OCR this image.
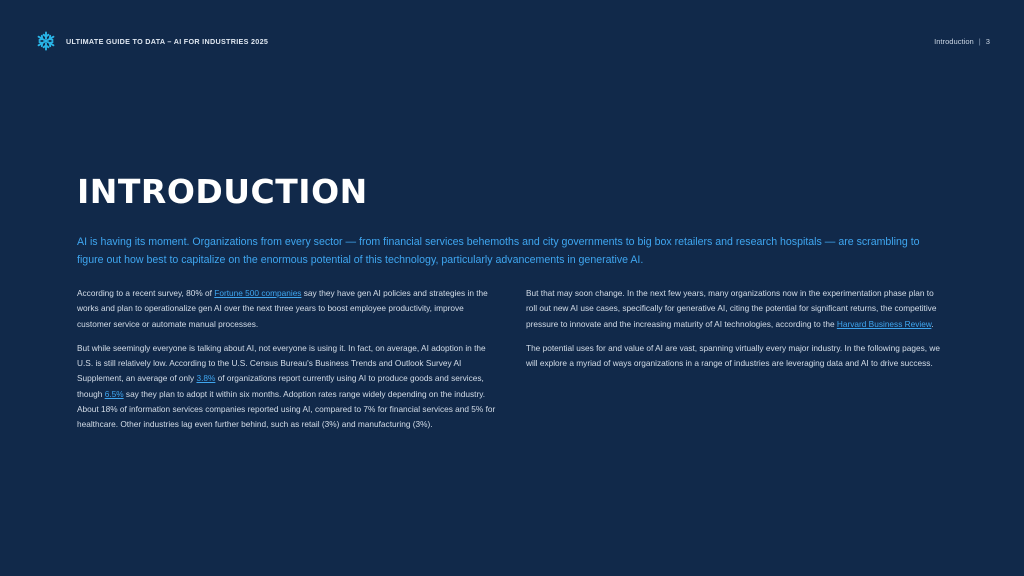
ULTIMATE GUIDE TO DATA – AI FOR INDUSTRIES 2025	Introduction | 3
INTRODUCTION

AI is having its moment. Organizations from every sector — from financial services behemoths and city governments to big box retailers and research hospitals — are scrambling to figure out how best to capitalize on the enormous potential of this technology, particularly advancements in generative AI.

According to a recent survey, 80% of Fortune 500 companies say they have gen AI policies and strategies in the works and plan to operationalize gen AI over the next three years to boost employee productivity, improve customer service or automate manual processes.

But while seemingly everyone is talking about AI, not everyone is using it. In fact, on average, AI adoption in the U.S. is still relatively low. According to the U.S. Census Bureau's Business Trends and Outlook Survey AI Supplement, an average of only 3.8% of organizations report currently using AI to produce goods and services, though 6.5% say they plan to adopt it within six months. Adoption rates range widely depending on the industry. About 18% of information services companies reported using AI, compared to 7% for financial services and 5% for healthcare. Other industries lag even further behind, such as retail (3%) and manufacturing (3%).

But that may soon change. In the next few years, many organizations now in the experimentation phase plan to roll out new AI use cases, specifically for generative AI, citing the potential for significant returns, the competitive pressure to innovate and the increasing maturity of AI technologies, according to the Harvard Business Review.

The potential uses for and value of AI are vast, spanning virtually every major industry. In the following pages, we will explore a myriad of ways organizations in a range of industries are leveraging data and AI to drive success.
